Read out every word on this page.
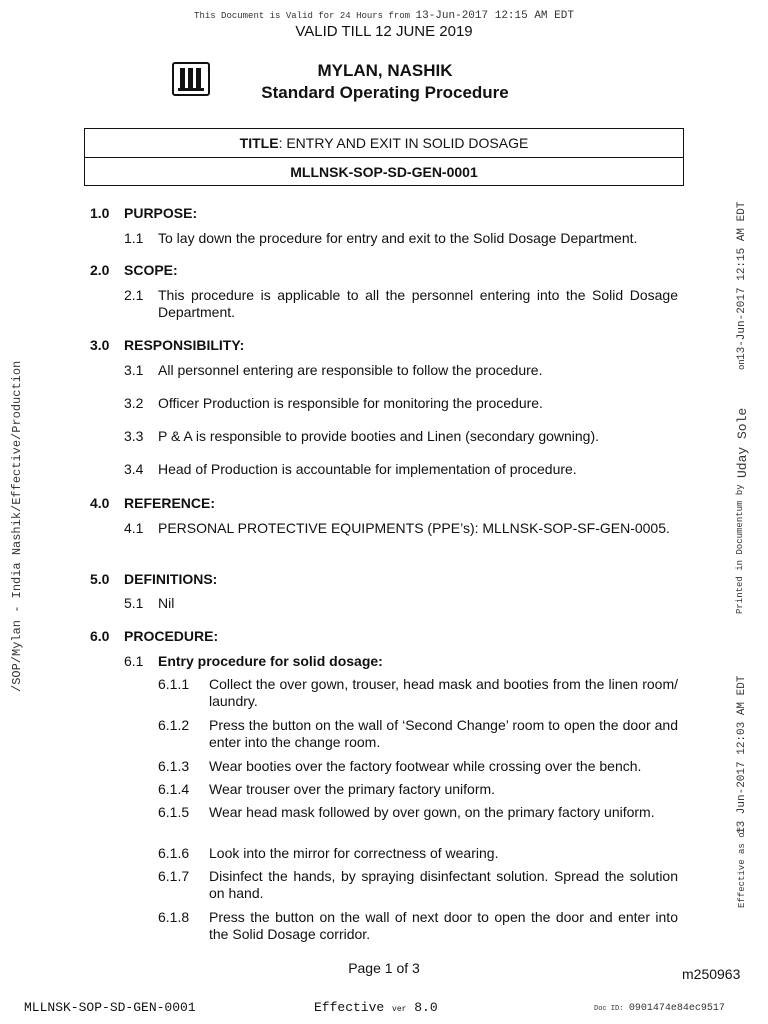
This Document is Valid for 24 Hours from 13-Jun-2017 12:15 AM EDT
VALID TILL 12 JUNE 2019
MYLAN, NASHIK
Standard Operating Procedure
TITLE: ENTRY AND EXIT IN SOLID DOSAGE
MLLNSK-SOP-SD-GEN-0001
1.0 PURPOSE:
1.1 To lay down the procedure for entry and exit to the Solid Dosage Department.
2.0 SCOPE:
2.1 This procedure is applicable to all the personnel entering into the Solid Dosage Department.
3.0 RESPONSIBILITY:
3.1 All personnel entering are responsible to follow the procedure.
3.2 Officer Production is responsible for monitoring the procedure.
3.3 P & A is responsible to provide booties and Linen (secondary gowning).
3.4 Head of Production is accountable for implementation of procedure.
4.0 REFERENCE:
4.1 PERSONAL PROTECTIVE EQUIPMENTS (PPE’s): MLLNSK-SOP-SF-GEN-0005.
5.0 DEFINITIONS:
5.1 Nil
6.0 PROCEDURE:
6.1 Entry procedure for solid dosage:
6.1.1 Collect the over gown, trouser, head mask and booties from the linen room/ laundry.
6.1.2 Press the button on the wall of ‘Second Change’ room to open the door and enter into the change room.
6.1.3 Wear booties over the factory footwear while crossing over the bench.
6.1.4 Wear trouser over the primary factory uniform.
6.1.5 Wear head mask followed by over gown, on the primary factory uniform.
6.1.6 Look into the mirror for correctness of wearing.
6.1.7 Disinfect the hands, by spraying disinfectant solution. Spread the solution on hand.
6.1.8 Press the button on the wall of next door to open the door and enter into the Solid Dosage corridor.
/SOP/Mylan - India Nashik/Effective/Production	Printed in Documentum by
Uday Sole
on
13-Jun-2017 12:15 AM EDT
Effective as of
13 Jun-2017 12:03 AM EDT
Page 1 of 3	m250963
MLLNSK-SOP-SD-GEN-0001	Effective ver 8.0	Doc ID: 0901474e84ec9517
